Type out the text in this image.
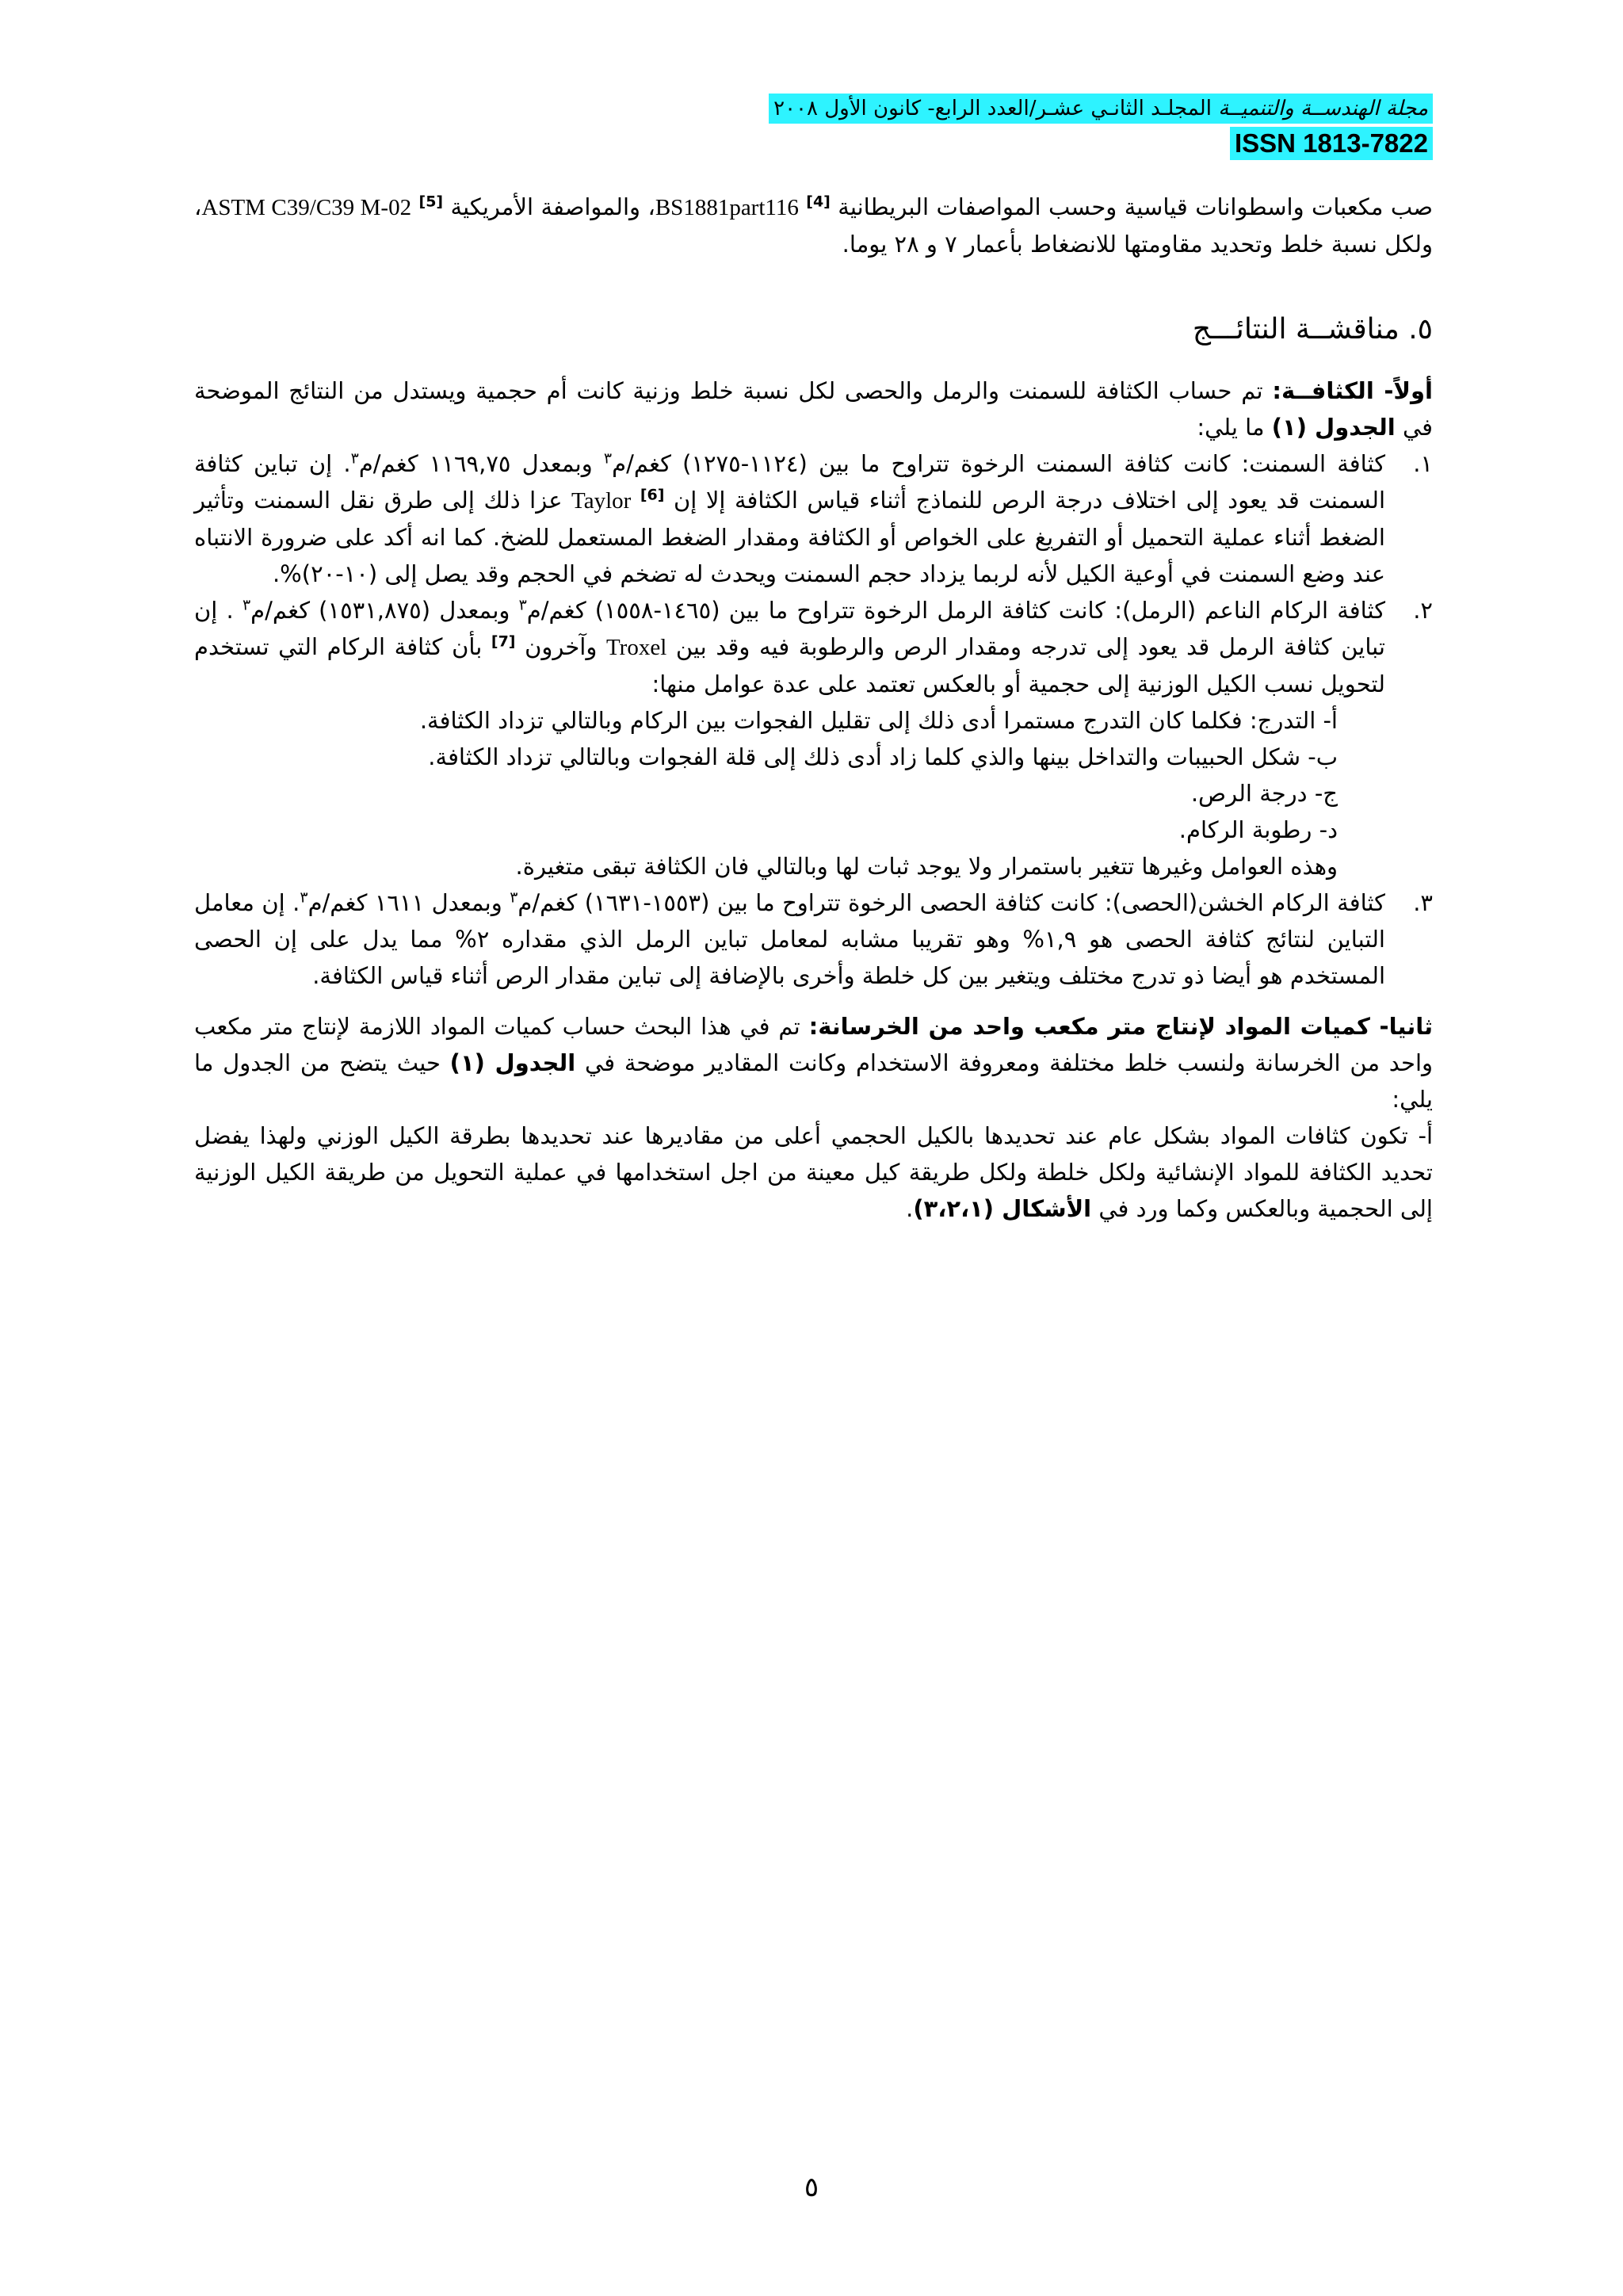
مجلة الهندســة والتنميــة المجلـد الثانـي عشـر/العدد الرابع- كانون الأول ٢٠٠٨
ISSN 1813-7822

صب مكعبات واسطوانات قياسية وحسب المواصفات البريطانية BS1881part116 [4]، والمواصفة الأمريكية ASTM C39/C39 M-02 [5]، ولكل نسبة خلط وتحديد مقاومتها للانضغاط بأعمار ٧ و ٢٨ يوما.

٥. مناقشــة النتائـــج

أولاً- الكثافــة: تم حساب الكثافة للسمنت والرمل والحصى لكل نسبة خلط وزنية كانت أم حجمية ويستدل من النتائج الموضحة في الجدول (١) ما يلي:

١.

كثافة السمنت: كانت كثافة السمنت الرخوة تتراوح ما بين (١١٢٤-١٢٧٥) كغم/م$^٣$ وبمعدل ١١٦٩,٧٥ كغم/م$^٣$. إن تباين كثافة السمنت قد يعود إلى اختلاف درجة الرص للنماذج أثناء قياس الكثافة إلا إن Taylor [6] عزا ذلك إلى طرق نقل السمنت وتأثير الضغط أثناء عملية التحميل أو التفريغ على الخواص أو الكثافة ومقدار الضغط المستعمل للضخ. كما انه أكد على ضرورة الانتباه عند وضع السمنت في أوعية الكيل لأنه لربما يزداد حجم السمنت ويحدث له تضخم في الحجم وقد يصل إلى (١٠-٢٠)%.

٢.

كثافة الركام الناعم (الرمل): كانت كثافة الرمل الرخوة تتراوح ما بين (١٤٦٥-١٥٥٨) كغم/م$^٣$ وبمعدل (١٥٣١,٨٧٥) كغم/م$^٣$ . إن تباين كثافة الرمل قد يعود إلى تدرجه ومقدار الرص والرطوبة فيه وقد بين Troxel وآخرون [7] بأن كثافة الركام التي تستخدم لتحويل نسب الكيل الوزنية إلى حجمية أو بالعكس تعتمد على عدة عوامل منها:

أ- التدرج: فكلما كان التدرج مستمرا أدى ذلك إلى تقليل الفجوات بين الركام وبالتالي تزداد الكثافة.

ب- شكل الحبيبات والتداخل بينها والذي كلما زاد أدى ذلك إلى قلة الفجوات وبالتالي تزداد الكثافة.

ج- درجة الرص.

د- رطوبة الركام.

وهذه العوامل وغيرها تتغير باستمرار ولا يوجد ثبات لها وبالتالي فان الكثافة تبقى متغيرة.

٣.

كثافة الركام الخشن(الحصى): كانت كثافة الحصى الرخوة تتراوح ما بين (١٥٥٣-١٦٣١) كغم/م$^٣$ وبمعدل ١٦١١ كغم/م$^٣$. إن معامل التباين لنتائج كثافة الحصى هو ١,٩% وهو تقريبا مشابه لمعامل تباين الرمل الذي مقداره ٢% مما يدل على إن الحصى المستخدم هو أيضا ذو تدرج مختلف ويتغير بين كل خلطة وأخرى بالإضافة إلى تباين مقدار الرص أثناء قياس الكثافة.

ثانيا- كميات المواد لإنتاج متر مكعب واحد من الخرسانة: تم في هذا البحث حساب كميات المواد اللازمة لإنتاج متر مكعب واحد من الخرسانة ولنسب خلط مختلفة ومعروفة الاستخدام وكانت المقادير موضحة في الجدول (١) حيث يتضح من الجدول ما يلي:

أ- تكون كثافات المواد بشكل عام عند تحديدها بالكيل الحجمي أعلى من مقاديرها عند تحديدها بطرقة الكيل الوزني ولهذا يفضل تحديد الكثافة للمواد الإنشائية ولكل خلطة ولكل طريقة كيل معينة من اجل استخدامها في عملية التحويل من طريقة الكيل الوزنية إلى الحجمية وبالعكس وكما ورد في الأشكال (٣،٢،١).

٥
